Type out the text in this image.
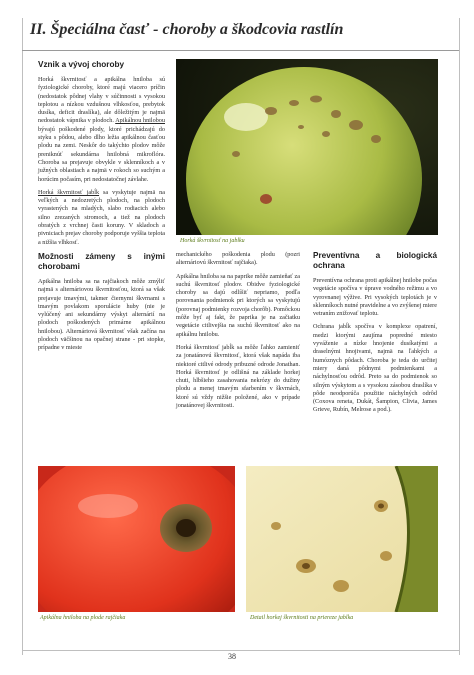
II. Špeciálna časť - choroby a škodcovia rastlín
Vznik a vývoj choroby

Horká škvrnitosť a apikálna hniloba sú fyziologické choroby, ktoré majú viacero príčin (nedostatok pôdnej vlahy v súčinnosti s vysokou teplotou a nízkou vzdušnou vlhkosťou, prebytok dusíka, deficit draslíka), ale dôležitým je najmä nedostatok vápnika v plodoch. Apikálnou hnilobou bývajú poškodené plody, ktoré prichádzajú do styku s pôdou, alebo dlho ležia apikálnou časťou plodu na zemi. Neskôr do takýchto plodov môže preniknúť sekundárna hnilobná mikroflóra. Choroba sa prejavuje obvykle v sklenníkoch a v južných oblastiach a najmä v rokoch so suchým a horúcim počasím, pri nedostatočnej závlahe.

Horká škvrnitosť jabĺk sa vyskytuje najmä na veľkých a nedozretých plodoch, na plodoch vyrastených na mladých, slabo rodiacich alebo silno zrezaných stromoch, a tiež na plodoch obratých z vrchnej časti koruny. V skladoch a pivniciach prejav choroby podporuje vyššia teplota a nižšia vlhkosť.

Možnosti zámeny s inými chorobami

Apikálna hniloba sa na rajčiakoch môže zmýliť najmä s alternáriovou škvrnitosťou, ktorá sa však prejavuje tmavými, takmer čiernymi škvrnami s tmavým povlakom sporulácie huby (nie je vylúčený ani sekundárny výskyt alternárií na plodoch poškodených primárne apikálnou hnilobou). Alternáriová škvrnitosť však začína na plodoch väčšinou na opačnej strane - pri stopke, prípadne v mieste

Horká škvrnitosť na jablku

mechanického poškodenia plodu (pozri alternáriovú škvrnitosť rajčiaka).

Apikálna hniloba sa na paprike môže zamieňať za suchú škvrnitosť plodov. Obidve fyziologické choroby sa dajú odlíšiť nepriamo, podľa porovnania podmienok pri ktorých sa vyskytujú (porovnaj podmienky rozvoja chorôb). Pomôckou môže byť aj fakt, že paprika je na začiatku vegetácie citlivejšia na suchú škvrnitosť ako na apikálnu hnilobu.

Horká škvrnitosť jabĺk sa môže ľahko zamieniť za jonatánovú škvrnitosť, ktorá však napáda iba niektoré citlivé odrody pribuzné odrode Jonathan. Horká škvrnitosť je odlišná na základe horkej chuti, hlbšieho zasahovania nekrózy do dužiny plodu a menej tmavým sfarbením v škvrnách, ktoré sú vždy nižšie položené, ako v prípade jonatánovej škvrnitosti.

Preventívna a biologická ochrana

Preventívna ochrana proti apikálnej hnilobe počas vegetácie spočíva v úprave vodného režimu a vo vyrovnanej výžive. Pri vysokých teplotách je v sklenníkoch nutné pravidelne a vo zvýšenej miere vetraním znižovať teplotu.

Ochrana jabĺk spočíva v komplexe opatrení, medzi ktorými zaujíma popredné miesto vyváženie a nízke hnojenie dusíkatými a draselnými hnojivami, najmä na ľahkých a humóznych pôdach. Choroba je teda do určitej miery daná pôdnymi podmienkami a náchylnosťou odrôd. Preto sa do podmienok so silným výskytom a s vysokou zásobou draslíka v pôde neodporúča použitie náchylných odrôd (Coxova reneta, Dukát, Šampion, Clivia, James Grieve, Rubín, Melrose a pod.).

Apikálna hniloba na plode rajčiaka	Detail horkej škvrnitosti na priereze jablka
38
